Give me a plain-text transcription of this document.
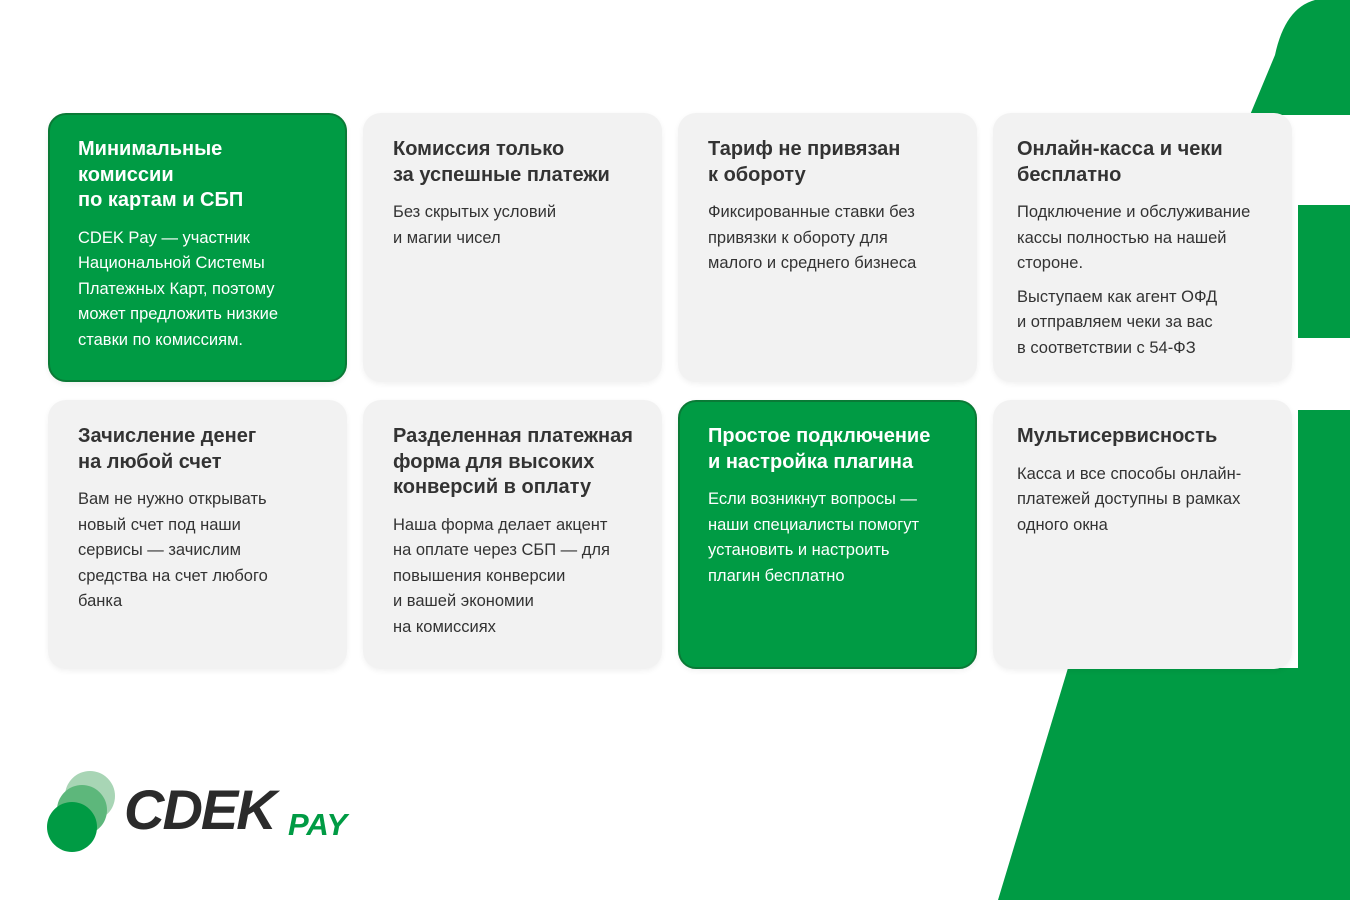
Минимальные комиссии
по картам и СБП

CDEK Pay — участник
Национальной Системы
Платежных Карт, поэтому
может предложить низкие
ставки по комиссиям.

Комиссия только
за успешные платежи

Без скрытых условий
и магии чисел

Тариф не привязан
к обороту

Фиксированные ставки без
привязки к обороту для
малого и среднего бизнеса

Онлайн-касса и чеки
бесплатно

Подключение и обслуживание
кассы полностью на нашей
стороне.

Выступаем как агент ОФД
и отправляем чеки за вас
в соответствии с 54-ФЗ

Зачисление денег
на любой счет

Вам не нужно открывать
новый счет под наши
сервисы — зачислим
средства на счет любого
банка

Разделенная платежная
форма для высоких
конверсий в оплату

Наша форма делает акцент
на оплате через СБП — для
повышения конверсии
и вашей экономии
на комиссиях

Простое подключение
и настройка плагина

Если возникнут вопросы —
наши специалисты помогут
установить и настроить
плагин бесплатно

Мультисервисность

Касса и все способы онлайн-
платежей доступны в рамках
одного окна

CDEK PAY
